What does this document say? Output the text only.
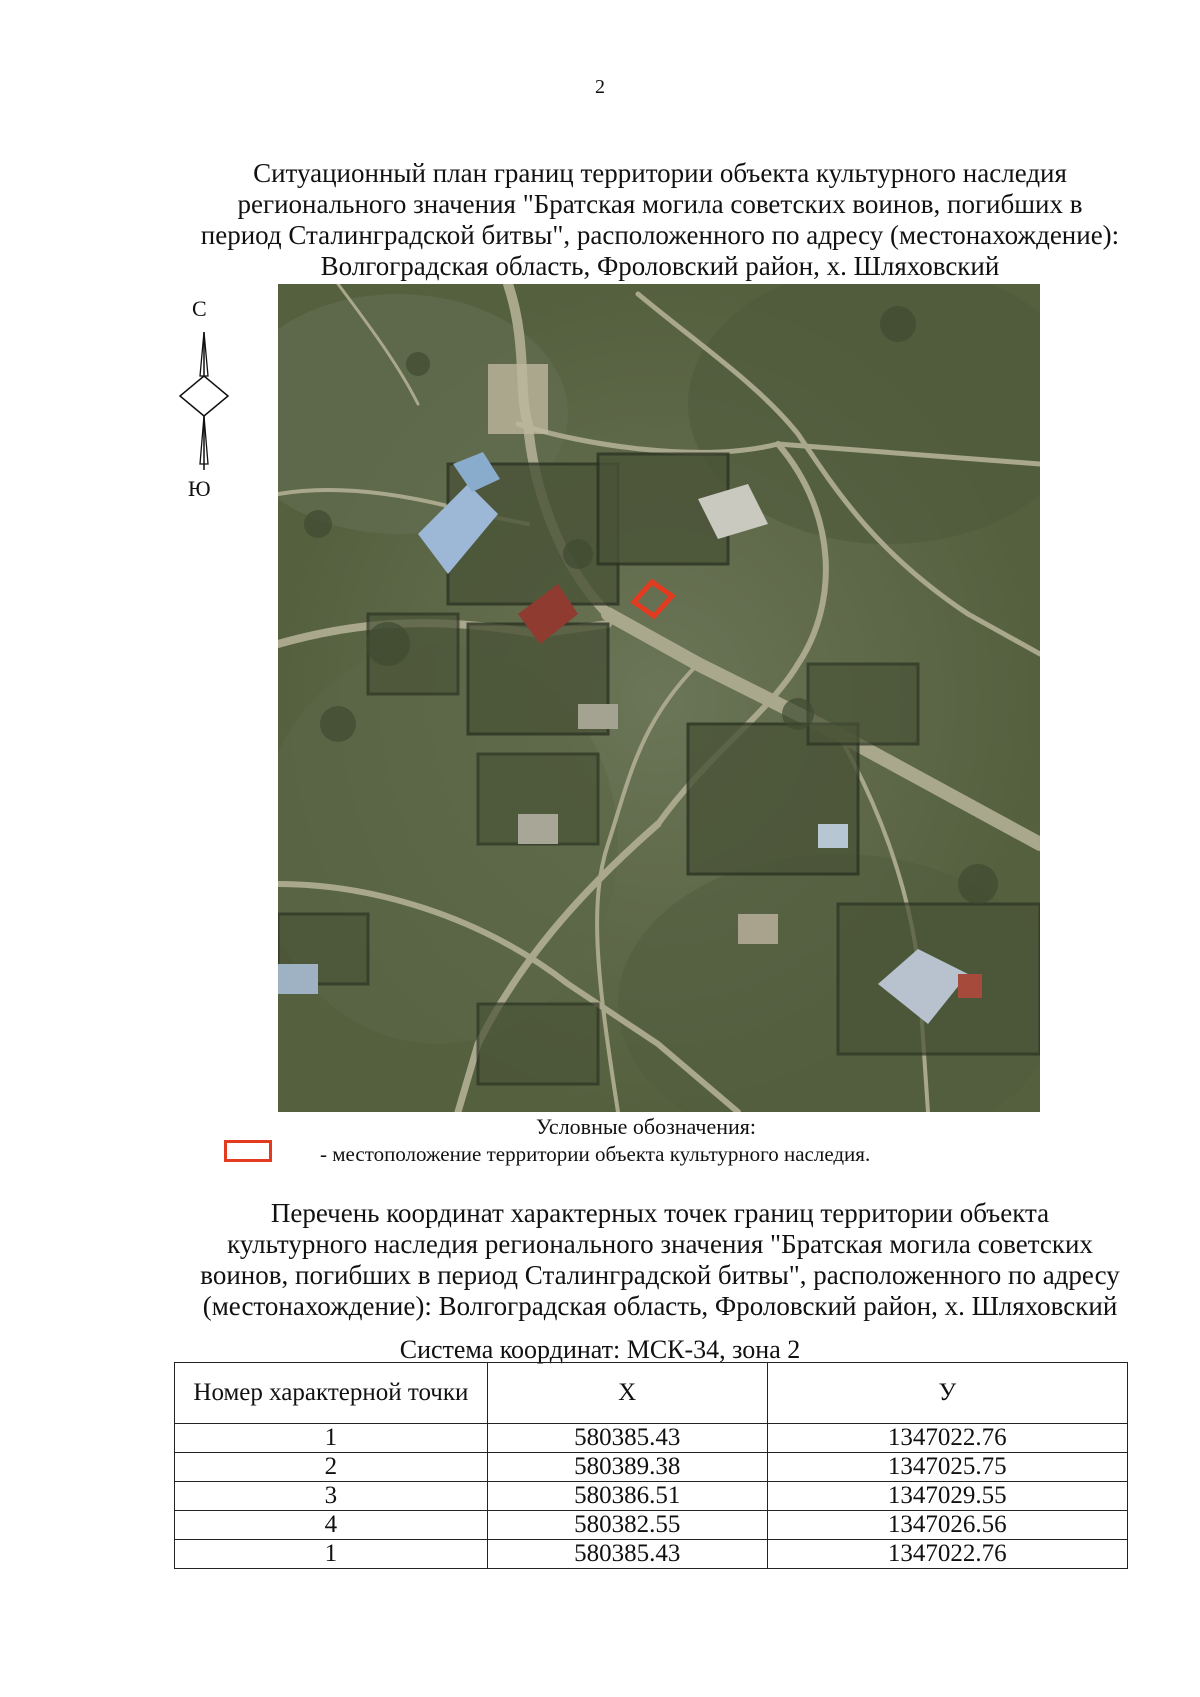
2
Ситуационный план границ территории объекта культурного наследия
регионального значения "Братская могила советских воинов, погибших в
период Сталинградской битвы", расположенного по адресу (местонахождение):
Волгоградская область, Фроловский район, х. Шляховский
С
Ю
Условные обозначения:
- местоположение территории объекта культурного наследия.
Перечень координат характерных точек границ территории объекта
культурного наследия регионального значения "Братская могила советских
воинов, погибших в период Сталинградской битвы", расположенного по адресу
(местонахождение): Волгоградская область, Фроловский район, х. Шляховский
Система координат: МСК-34, зона 2
Номер характерной точки	X	У
1	580385.43	1347022.76
2	580389.38	1347025.75
3	580386.51	1347029.55
4	580382.55	1347026.56
1	580385.43	1347022.76
